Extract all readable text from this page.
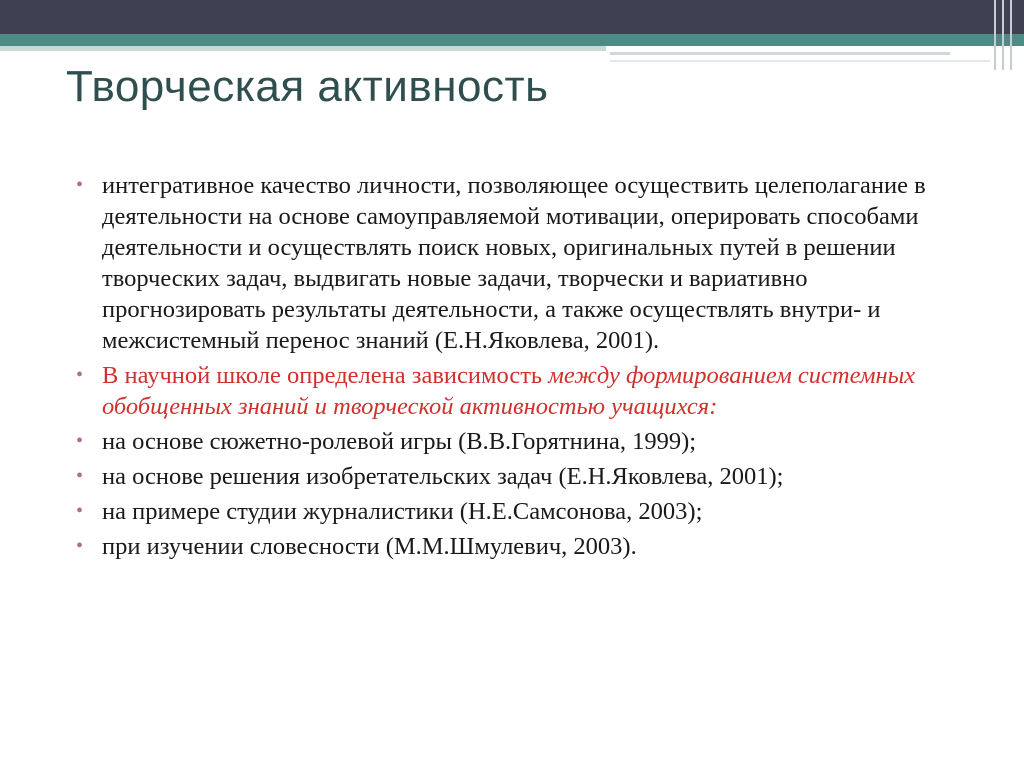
Творческая активность
• интегративное качество личности, позволяющее осуществить целеполагание в деятельности на основе самоуправляемой мотивации, оперировать способами деятельности и осуществлять поиск новых, оригинальных путей в решении творческих задач, выдвигать новые задачи, творчески и вариативно прогнозировать результаты деятельности, а также осуществлять внутри- и межсистемный перенос знаний (Е.Н.Яковлева, 2001).
• В научной школе определена зависимость между формированием системных обобщенных знаний и творческой активностью учащихся:
• на основе сюжетно-ролевой игры (В.В.Горятнина, 1999);
• на основе решения изобретательских задач (Е.Н.Яковлева, 2001);
• на примере студии журналистики (Н.Е.Самсонова, 2003);
• при изучении словесности (М.М.Шмулевич, 2003).
